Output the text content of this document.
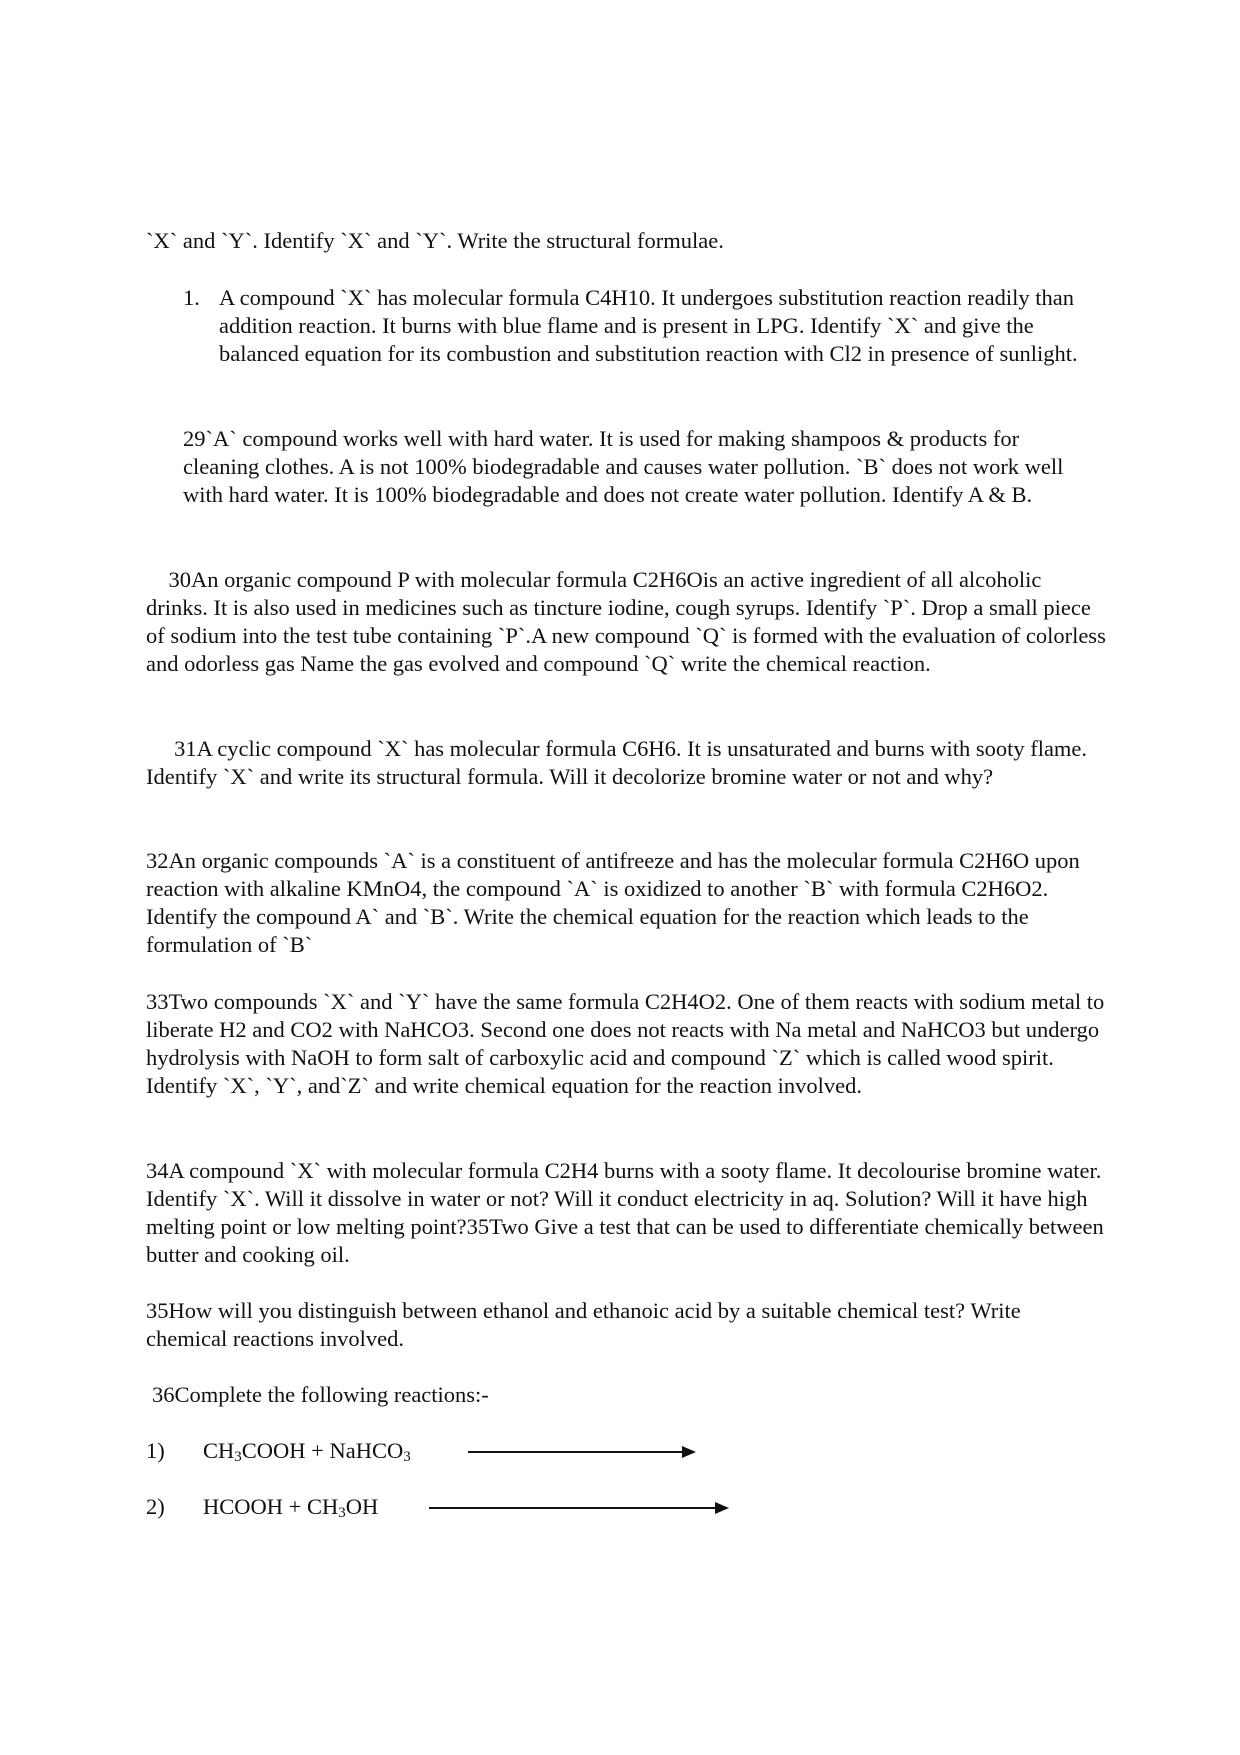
`X` and `Y`. Identify `X` and `Y`. Write the structural formulae.

1. A compound `X` has molecular formula C4H10. It undergoes substitution reaction readily than addition reaction. It burns with blue flame and is present in LPG. Identify `X` and give the balanced equation for its combustion and substitution reaction with Cl2 in presence of sunlight.

29`A` compound works well with hard water. It is used for making shampoos & products for cleaning clothes. A is not 100% biodegradable and causes water pollution. `B` does not work well with hard water. It is 100% biodegradable and does not create water pollution. Identify A & B.

30An organic compound P with molecular formula C2H6Ois an active ingredient of all alcoholic drinks. It is also used in medicines such as tincture iodine, cough syrups. Identify `P`. Drop a small piece of sodium into the test tube containing `P`.A new compound `Q` is formed with the evaluation of colorless and odorless gas Name the gas evolved and compound `Q` write the chemical reaction.

31A cyclic compound `X` has molecular formula C6H6. It is unsaturated and burns with sooty flame. Identify `X` and write its structural formula. Will it decolorize bromine water or not and why?

32An organic compounds `A` is a constituent of antifreeze and has the molecular formula C2H6O upon reaction with alkaline KMnO4, the compound `A` is oxidized to another `B` with formula C2H6O2. Identify the compound A` and `B`. Write the chemical equation for the reaction which leads to the formulation of `B`

33Two compounds `X` and `Y` have the same formula C2H4O2. One of them reacts with sodium metal to liberate H2 and CO2 with NaHCO3. Second one does not reacts with Na metal and NaHCO3 but undergo hydrolysis with NaOH to form salt of carboxylic acid and compound `Z` which is called wood spirit. Identify `X`, `Y`, and`Z` and write chemical equation for the reaction involved.

34A compound `X` with molecular formula C2H4 burns with a sooty flame. It decolourise bromine water. Identify `X`. Will it dissolve in water or not? Will it conduct electricity in aq. Solution? Will it have high melting point or low melting point?35Two Give a test that can be used to differentiate chemically between butter and cooking oil.

35How will you distinguish between ethanol and ethanoic acid by a suitable chemical test? Write chemical reactions involved.

36Complete the following reactions:-

1) $CH_3COOH$ + NaHCO$_3$
2) HCOOH + $CH_3OH$
